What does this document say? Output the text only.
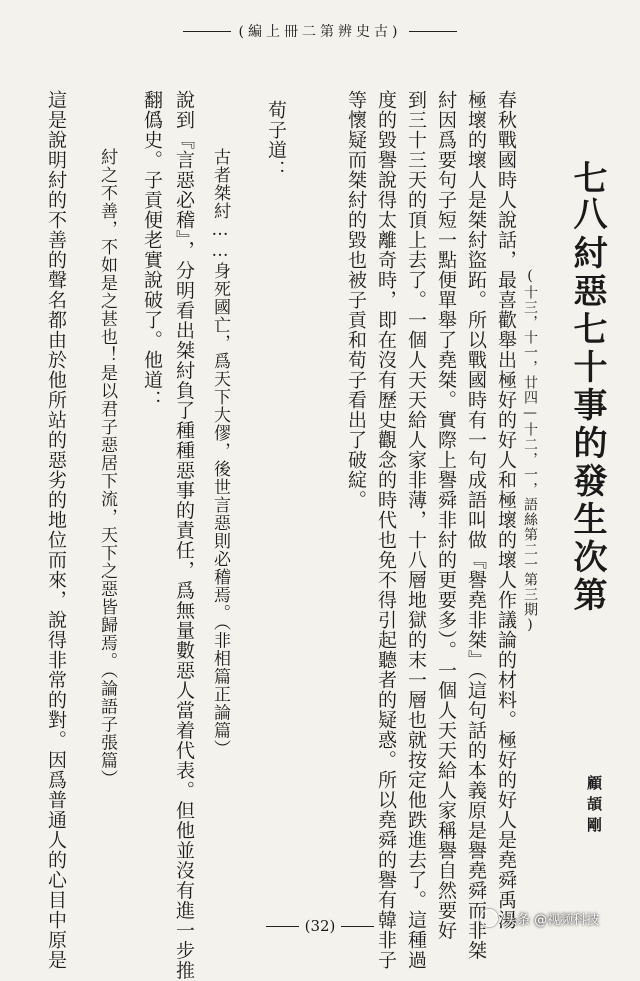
(編上冊二第辨史古)
七八
紂惡七十事的發生次第
(十三，十一，廿四—十二，一，語絲第二一第三期)
顧頡剛
春秋戰國時人說話，最喜歡舉出極好的好人和極壞的壞人作議論的材料。極好的好人是堯舜禹湯
極壞的壞人是桀紂盜跖。所以戰國時有一句成語叫做『譽堯非桀』（這句話的本義原是譽堯舜而非桀
紂因爲要句子短一點便單舉了堯桀。實際上譽舜非紂的更要多）。一個人天天給人家稱譽自然要好
到三十三天的頂上去了。一個人天天給人家非薄，十八層地獄的末一層也就按定他跌進去了。這種過
度的毀譽說得太離奇時，即在沒有歷史觀念的時代也免不得引起聽者的疑惑。所以堯舜的譽有韓非子
等懷疑而桀紂的毀也被子貢和荀子看出了破綻。
荀子道：
古者桀紂……身死國亡，爲天下大僇，後世言惡則必稽焉。（非相篇正論篇）
說到『言惡必稽』，分明看出桀紂負了種種惡事的責任，爲無量數惡人當着代表。但他並沒有進一步推
翻僞史。子貢便老實說破了。他道：
紂之不善，不如是之甚也！是以君子惡居下流，天下之惡皆歸焉。（論語子張篇）
這是說明紂的不善的聲名都由於他所站的惡劣的地位而來，說得非常的對。因爲普通人的心目中原是	(32)	头条 @视频科技
